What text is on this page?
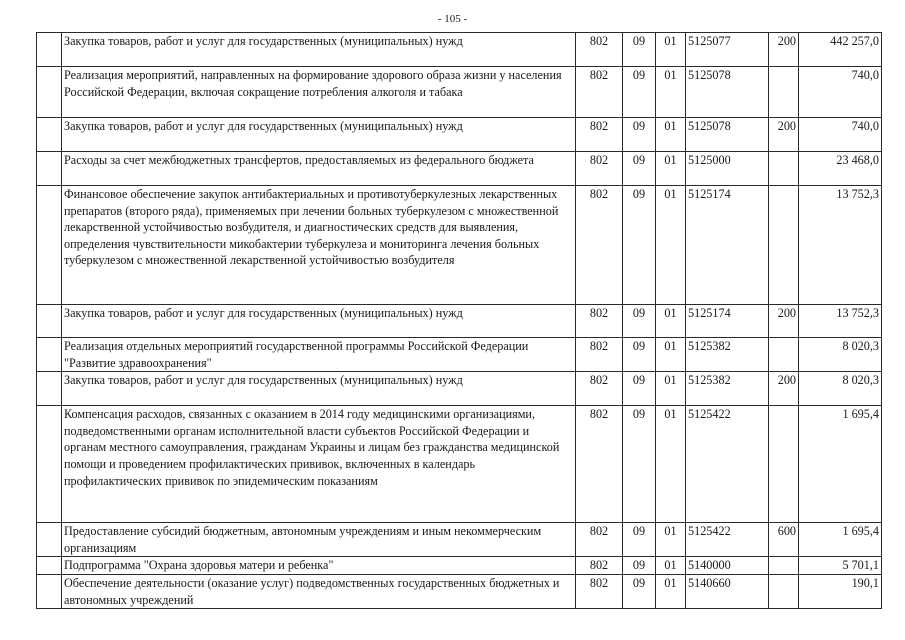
- 105 -
	Закупка товаров, работ и услуг для государственных (муниципальных) нужд	802	09	01	5125077	200	442 257,0
	Реализация мероприятий, направленных на формирование здорового образа жизни у населения Российской Федерации, включая сокращение потребления алкоголя и табака	802	09	01	5125078		740,0
	Закупка товаров, работ и услуг для государственных (муниципальных) нужд	802	09	01	5125078	200	740,0
	Расходы за счет межбюджетных трансфертов, предоставляемых из федерального бюджета	802	09	01	5125000		23 468,0
	Финансовое обеспечение закупок антибактериальных и противотуберкулезных лекарственных препаратов (второго ряда), применяемых при лечении больных туберкулезом с множественной лекарственной устойчивостью возбудителя, и диагностических средств для выявления, определения чувствительности микобактерии туберкулеза и мониторинга лечения больных туберкулезом с множественной лекарственной устойчивостью возбудителя	802	09	01	5125174		13 752,3
	Закупка товаров, работ и услуг для государственных (муниципальных) нужд	802	09	01	5125174	200	13 752,3
	Реализация отдельных мероприятий государственной программы Российской Федерации "Развитие здравоохранения"	802	09	01	5125382		8 020,3
	Закупка товаров, работ и услуг для государственных (муниципальных) нужд	802	09	01	5125382	200	8 020,3
	Компенсация расходов, связанных с оказанием в 2014 году медицинскими организациями, подведомственными органам исполнительной власти субъектов Российской Федерации и органам местного самоуправления, гражданам Украины и лицам без гражданства медицинской помощи и проведением профилактических прививок, включенных в календарь профилактических прививок по эпидемическим показаниям	802	09	01	5125422		1 695,4
	Предоставление субсидий бюджетным, автономным учреждениям и иным некоммерческим организациям	802	09	01	5125422	600	1 695,4
	Подпрограмма "Охрана здоровья матери и ребенка"	802	09	01	5140000		5 701,1
	Обеспечение деятельности (оказание услуг) подведомственных государственных бюджетных и автономных учреждений	802	09	01	5140660		190,1
